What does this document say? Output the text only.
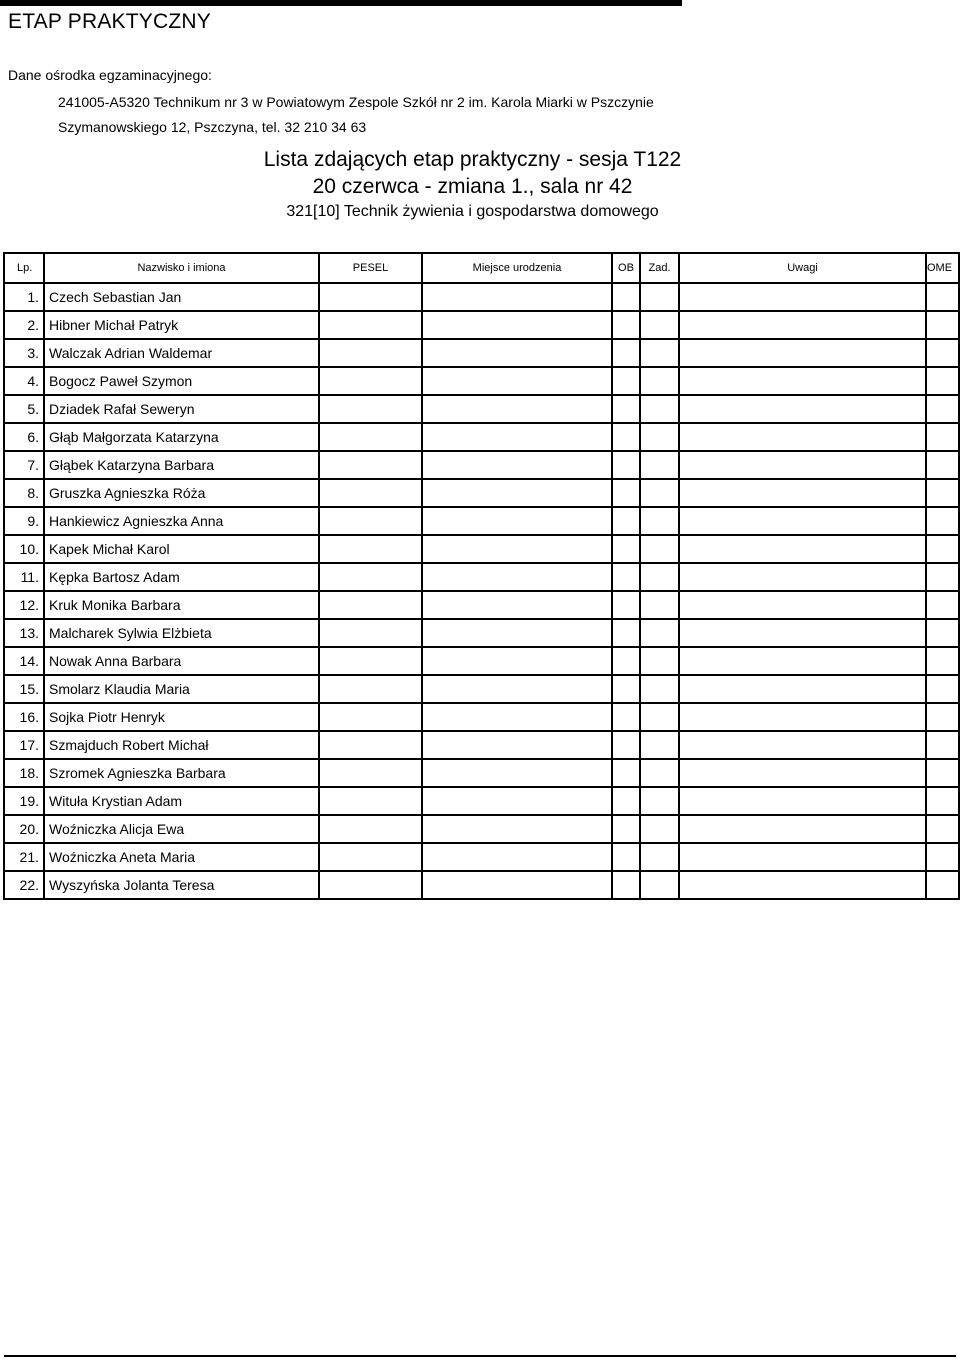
ETAP PRAKTYCZNY
Dane ośrodka egzaminacyjnego:
241005-A5320 Technikum nr 3 w Powiatowym Zespole Szkół nr 2 im. Karola Miarki w Pszczynie
Szymanowskiego 12, Pszczyna, tel. 32 210 34 63
Lista zdających etap praktyczny - sesja T122
20 czerwca - zmiana 1., sala nr 42
321[10] Technik żywienia i gospodarstwa domowego
Lp.	Nazwisko i imiona	PESEL	Miejsce urodzenia	OB	Zad.	Uwagi	OME
1.	Czech Sebastian Jan						
2.	Hibner Michał Patryk						
3.	Walczak Adrian Waldemar						
4.	Bogocz Paweł Szymon						
5.	Dziadek Rafał Seweryn						
6.	Głąb Małgorzata Katarzyna						
7.	Głąbek Katarzyna Barbara						
8.	Gruszka Agnieszka Róża						
9.	Hankiewicz Agnieszka Anna						
10.	Kapek Michał Karol						
11.	Kępka Bartosz Adam						
12.	Kruk Monika Barbara						
13.	Malcharek Sylwia Elżbieta						
14.	Nowak Anna Barbara						
15.	Smolarz Klaudia Maria						
16.	Sojka Piotr Henryk						
17.	Szmajduch Robert Michał						
18.	Szromek Agnieszka Barbara						
19.	Wituła Krystian Adam						
20.	Woźniczka Alicja Ewa						
21.	Woźniczka Aneta Maria						
22.	Wyszyńska Jolanta Teresa						
